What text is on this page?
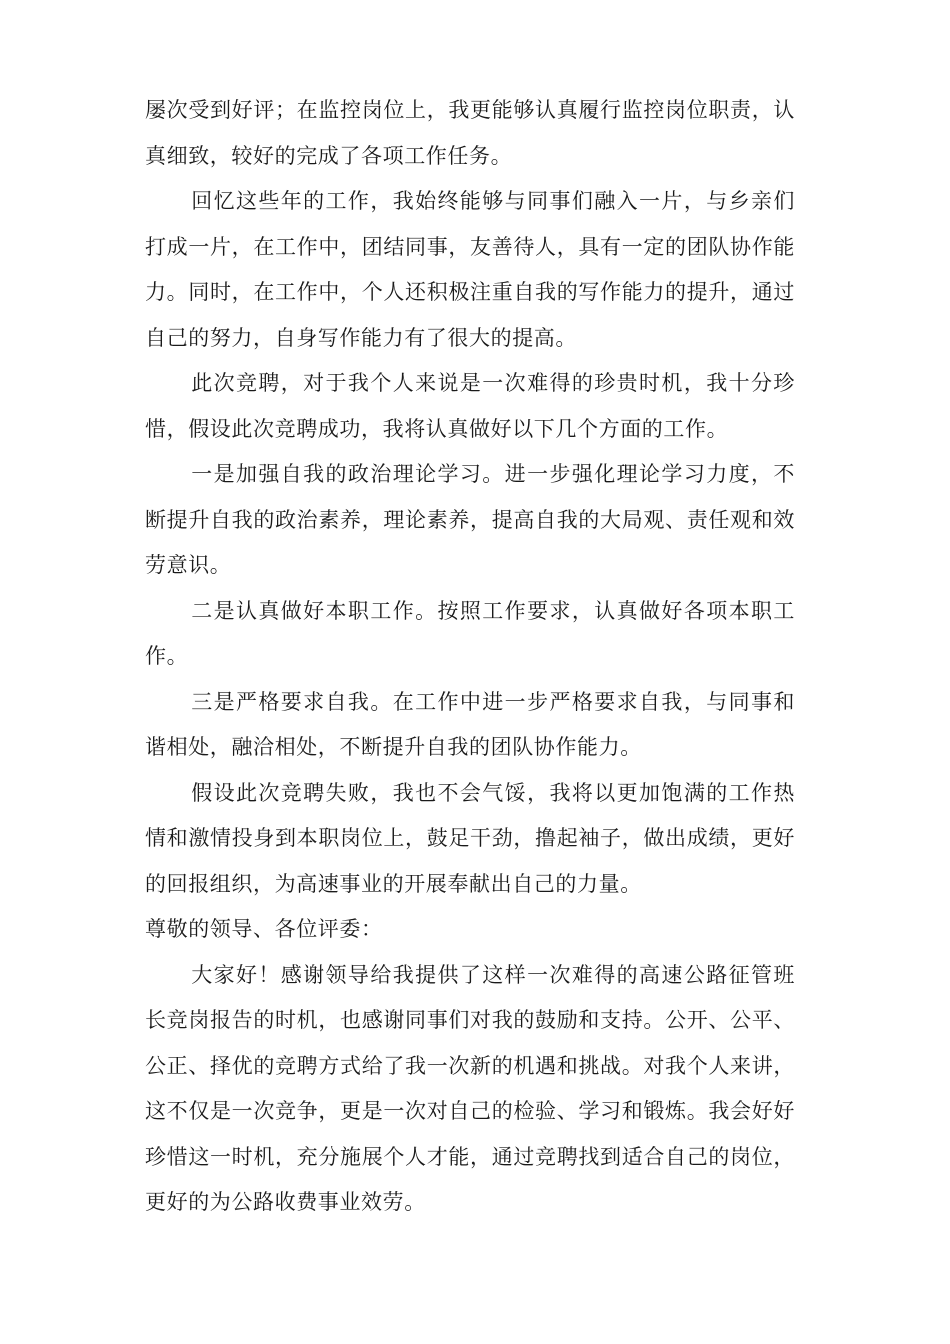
屡次受到好评；在监控岗位上，我更能够认真履行监控岗位职责，认真细致，较好的完成了各项工作任务。

回忆这些年的工作，我始终能够与同事们融入一片，与乡亲们打成一片，在工作中，团结同事，友善待人，具有一定的团队协作能力。同时，在工作中，个人还积极注重自我的写作能力的提升，通过自己的努力，自身写作能力有了很大的提高。

此次竞聘，对于我个人来说是一次难得的珍贵时机，我十分珍惜，假设此次竞聘成功，我将认真做好以下几个方面的工作。

一是加强自我的政治理论学习。进一步强化理论学习力度，不断提升自我的政治素养，理论素养，提高自我的大局观、责任观和效劳意识。

二是认真做好本职工作。按照工作要求，认真做好各项本职工作。

三是严格要求自我。在工作中进一步严格要求自我，与同事和谐相处，融洽相处，不断提升自我的团队协作能力。

假设此次竞聘失败，我也不会气馁，我将以更加饱满的工作热情和激情投身到本职岗位上，鼓足干劲，撸起袖子，做出成绩，更好的回报组织，为高速事业的开展奉献出自己的力量。

尊敬的领导、各位评委：

大家好！感谢领导给我提供了这样一次难得的高速公路征管班长竞岗报告的时机，也感谢同事们对我的鼓励和支持。公开、公平、公正、择优的竞聘方式给了我一次新的机遇和挑战。对我个人来讲，这不仅是一次竞争，更是一次对自己的检验、学习和锻炼。我会好好珍惜这一时机，充分施展个人才能，通过竞聘找到适合自己的岗位，更好的为公路收费事业效劳。
